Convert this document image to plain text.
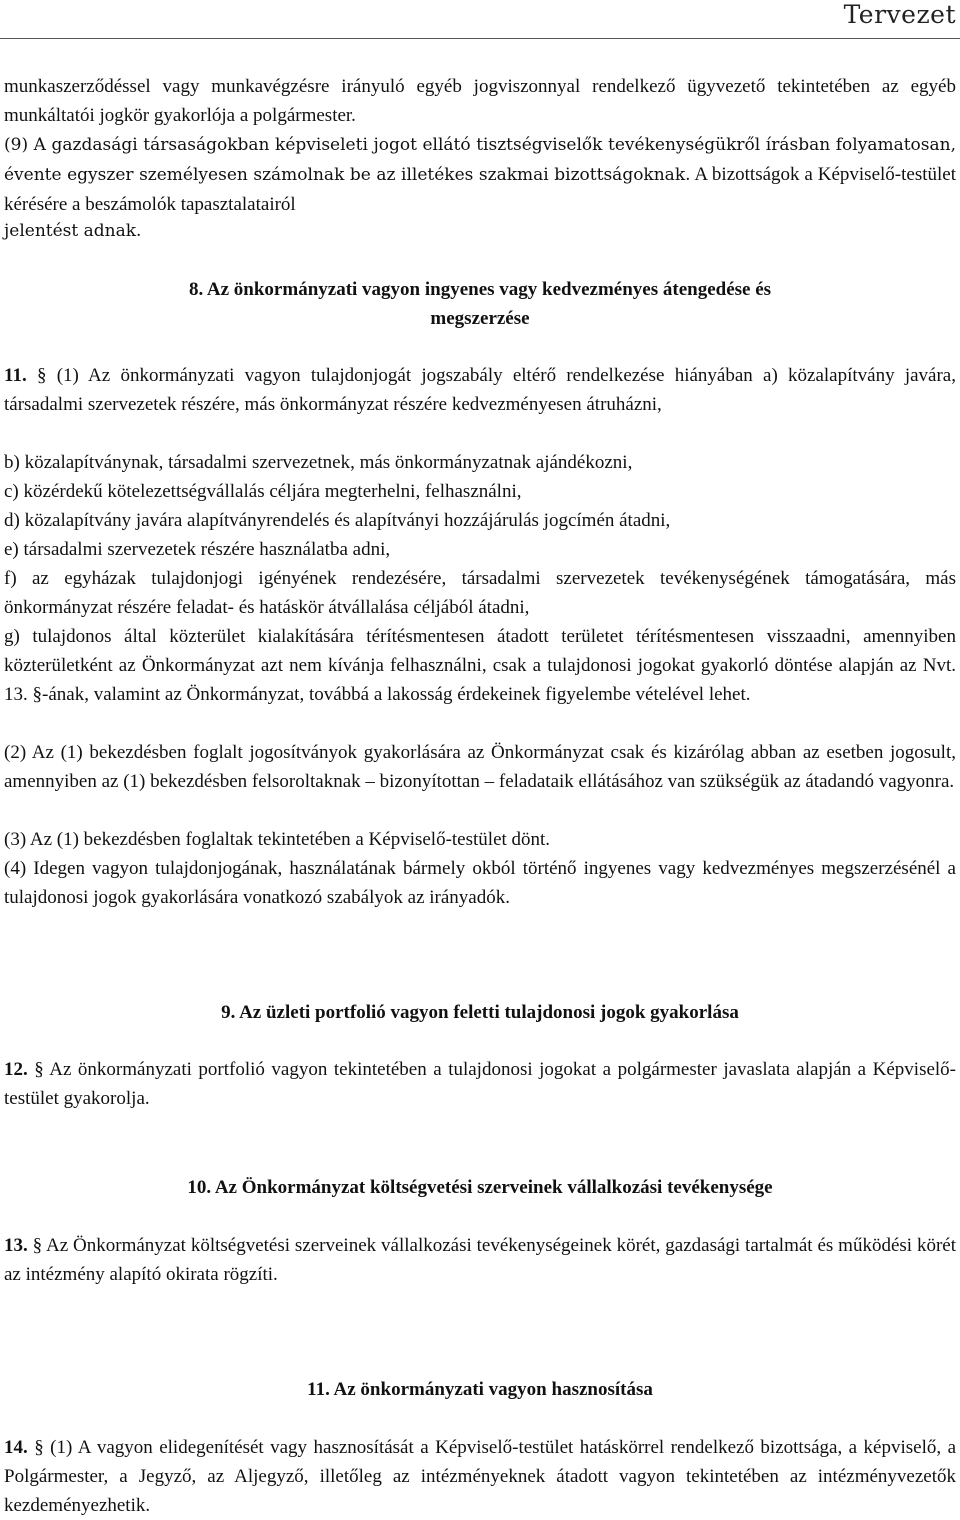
Tervezet

munkaszerződéssel vagy munkavégzésre irányuló egyéb jogviszonnyal rendelkező ügyvezető tekintetében az egyéb munkáltatói jogkör gyakorlója a polgármester.

(9) A gazdasági társaságokban képviseleti jogot ellátó tisztségviselők tevékenységükről írásban folyamatosan, évente egyszer személyesen számolnak be az illetékes szakmai bizottságoknak. A bizottságok a Képviselő-testület kérésére a beszámolók tapasztalatairól

jelentést adnak.

8. Az önkormányzati vagyon ingyenes vagy kedvezményes átengedése és

megszerzése

11. § (1) Az önkormányzati vagyon tulajdonjogát jogszabály eltérő rendelkezése hiányában a) közalapítvány javára, társadalmi szervezetek részére, más önkormányzat részére kedvezményesen átruházni,

b) közalapítványnak, társadalmi szervezetnek, más önkormányzatnak ajándékozni,

c) közérdekű kötelezettségvállalás céljára megterhelni, felhasználni,

d) közalapítvány javára alapítványrendelés és alapítványi hozzájárulás jogcímén átadni,

e) társadalmi szervezetek részére használatba adni,

f) az egyházak tulajdonjogi igényének rendezésére, társadalmi szervezetek tevékenységének támogatására, más önkormányzat részére feladat- és hatáskör átvállalása céljából átadni,

g) tulajdonos által közterület kialakítására térítésmentesen átadott területet térítésmentesen visszaadni, amennyiben közterületként az Önkormányzat azt nem kívánja felhasználni, csak a tulajdonosi jogokat gyakorló döntése alapján az Nvt. 13. §-ának, valamint az Önkormányzat, továbbá a lakosság érdekeinek figyelembe vételével lehet.

(2) Az (1) bekezdésben foglalt jogosítványok gyakorlására az Önkormányzat csak és kizárólag abban az esetben jogosult, amennyiben az (1) bekezdésben felsoroltaknak – bizonyítottan – feladataik ellátásához van szükségük az átadandó vagyonra.

(3) Az (1) bekezdésben foglaltak tekintetében a Képviselő-testület dönt.

(4) Idegen vagyon tulajdonjogának, használatának bármely okból történő ingyenes vagy kedvezményes megszerzésénél a tulajdonosi jogok gyakorlására vonatkozó szabályok az irányadók.

9. Az üzleti portfolió vagyon feletti tulajdonosi jogok gyakorlása

12. § Az önkormányzati portfolió vagyon tekintetében a tulajdonosi jogokat a polgármester javaslata alapján a Képviselő-testület gyakorolja.

10. Az Önkormányzat költségvetési szerveinek vállalkozási tevékenysége

13. § Az Önkormányzat költségvetési szerveinek vállalkozási tevékenységeinek körét, gazdasági tartalmát és működési körét az intézmény alapító okirata rögzíti.

11. Az önkormányzati vagyon hasznosítása

14. § (1) A vagyon elidegenítését vagy hasznosítását a Képviselő-testület hatáskörrel rendelkező bizottsága, a képviselő, a Polgármester, a Jegyző, az Aljegyző, illetőleg az intézményeknek átadott vagyon tekintetében az intézményvezetők kezdeményezhetik.
